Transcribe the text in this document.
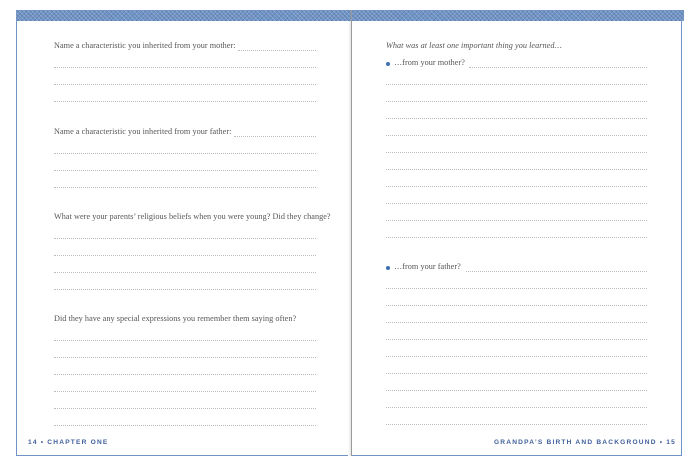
Name a characteristic you inherited from your mother:
Name a characteristic you inherited from your father:
What were your parents’ religious beliefs when you were young? Did they change?
Did they have any special expressions you remember them saying often?
14 • CHAPTER ONE
What was at least one important thing you learned…
…from your mother?
…from your father?
GRANDPA’S BIRTH AND BACKGROUND • 15
